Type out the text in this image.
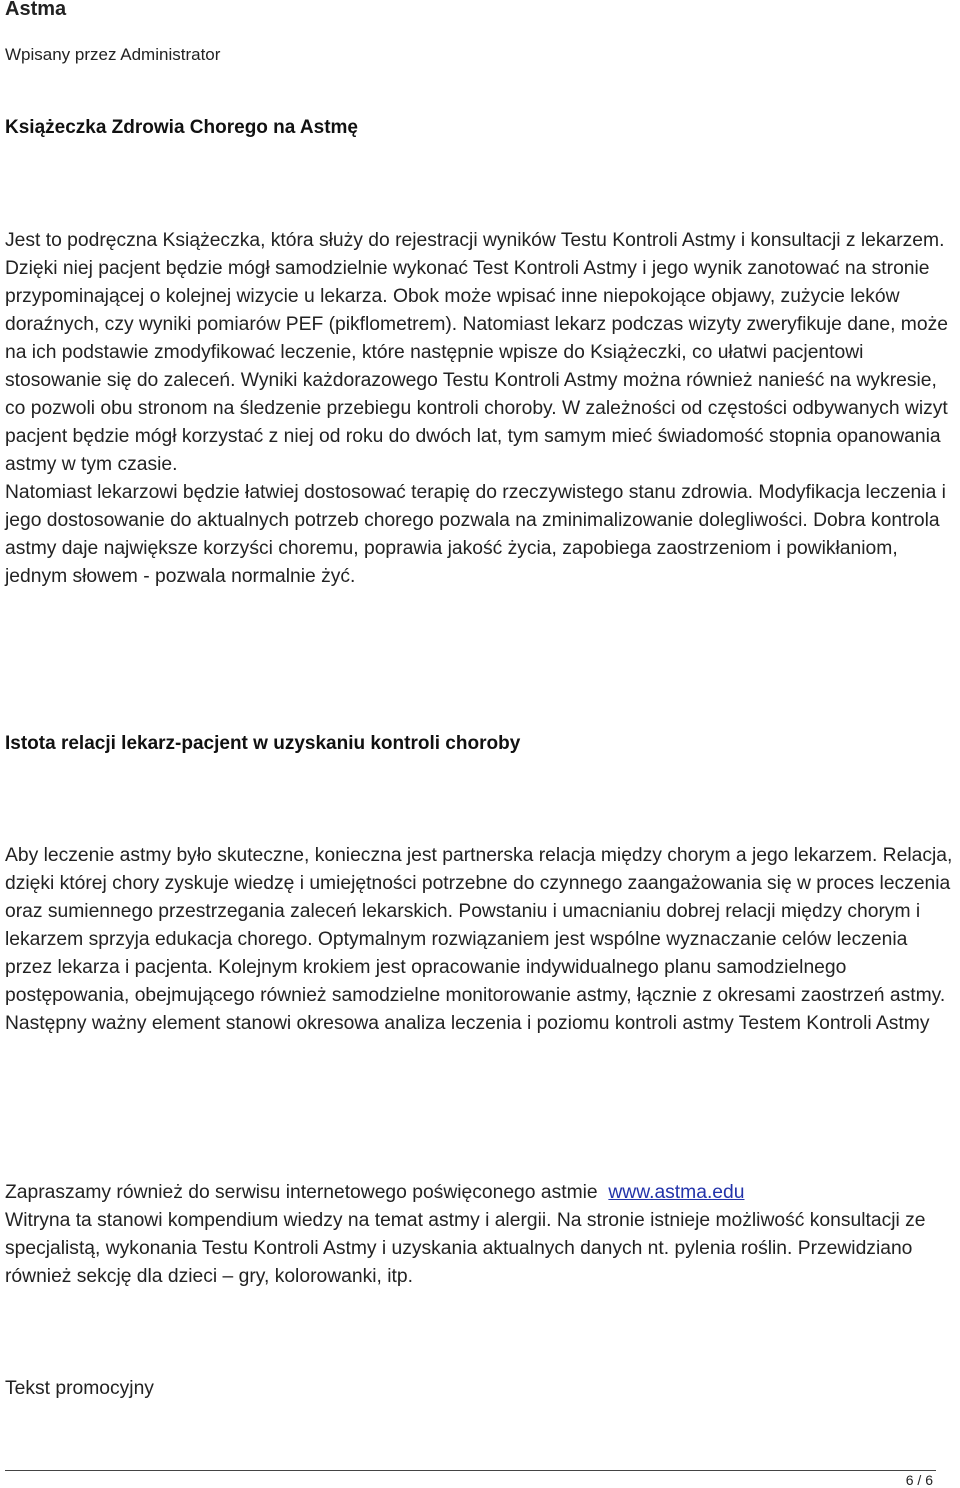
Astma
Wpisany przez Administrator
Książeczka Zdrowia Chorego na Astmę

Jest to podręczna Książeczka, która służy do rejestracji wyników Testu Kontroli Astmy i konsultacji z lekarzem. Dzięki niej pacjent będzie mógł samodzielnie wykonać Test Kontroli Astmy i jego wynik zanotować na stronie przypominającej o kolejnej wizycie u lekarza. Obok może wpisać inne niepokojące objawy, zużycie leków doraźnych, czy wyniki pomiarów PEF (pikflometrem). Natomiast lekarz podczas wizyty zweryfikuje dane, może na ich podstawie zmodyfikować leczenie, które następnie wpisze do Książeczki, co ułatwi pacjentowi stosowanie się do zaleceń. Wyniki każdorazowego Testu Kontroli Astmy można również nanieść na wykresie, co pozwoli obu stronom na śledzenie przebiegu kontroli choroby. W zależności od częstości odbywanych wizyt pacjent będzie mógł korzystać z niej od roku do dwóch lat, tym samym mieć świadomość stopnia opanowania astmy w tym czasie.
Natomiast lekarzowi będzie łatwiej dostosować terapię do rzeczywistego stanu zdrowia. Modyfikacja leczenia i jego dostosowanie do aktualnych potrzeb chorego pozwala na zminimalizowanie dolegliwości. Dobra kontrola astmy daje największe korzyści choremu, poprawia jakość życia, zapobiega zaostrzeniom i powikłaniom, jednym słowem - pozwala normalnie żyć.

Istota relacji lekarz-pacjent w uzyskaniu kontroli choroby

Aby leczenie astmy było skuteczne, konieczna jest partnerska relacja między chorym a jego lekarzem. Relacja, dzięki której chory zyskuje wiedzę i umiejętności potrzebne do czynnego zaangażowania się w proces leczenia oraz sumiennego przestrzegania zaleceń lekarskich. Powstaniu i umacnianiu dobrej relacji między chorym i lekarzem sprzyja edukacja chorego. Optymalnym rozwiązaniem jest wspólne wyznaczanie celów leczenia przez lekarza i pacjenta. Kolejnym krokiem jest opracowanie indywidualnego planu samodzielnego postępowania, obejmującego również samodzielne monitorowanie astmy, łącznie z okresami zaostrzeń astmy. Następny ważny element stanowi okresowa analiza leczenia i poziomu kontroli astmy Testem Kontroli Astmy

Zapraszamy również do serwisu internetowego poświęconego astmie www.astma.edu
Witryna ta stanowi kompendium wiedzy na temat astmy i alergii. Na stronie istnieje możliwość konsultacji ze specjalistą, wykonania Testu Kontroli Astmy i uzyskania aktualnych danych nt. pylenia roślin. Przewidziano również sekcję dla dzieci – gry, kolorowanki, itp.

Tekst promocyjny

6 / 6
